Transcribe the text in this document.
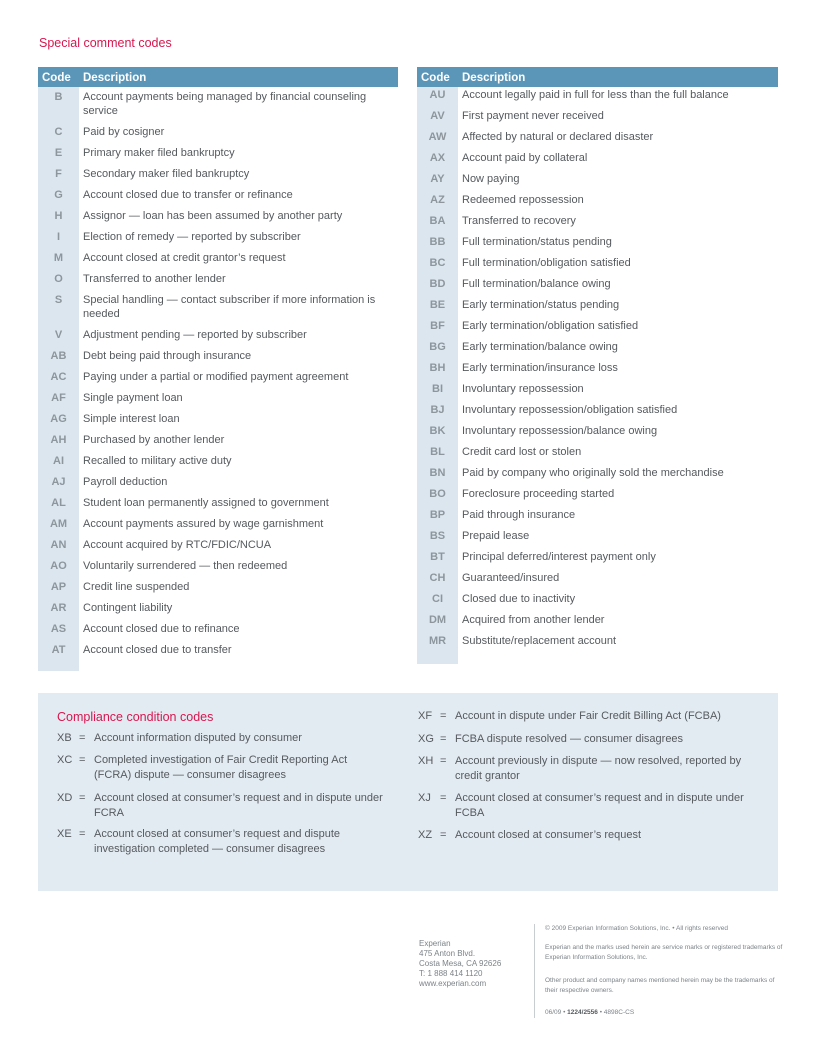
Special comment codes
Code	Description
B	Account payments being managed by financial counseling service
C	Paid by cosigner
E	Primary maker filed bankruptcy
F	Secondary maker filed bankruptcy
G	Account closed due to transfer or refinance
H	Assignor — loan has been assumed by another party
I	Election of remedy — reported by subscriber
M	Account closed at credit grantor’s request
O	Transferred to another lender
S	Special handling — contact subscriber if more information is needed
V	Adjustment pending — reported by subscriber
AB	Debt being paid through insurance
AC	Paying under a partial or modified payment agreement
AF	Single payment loan
AG	Simple interest loan
AH	Purchased by another lender
AI	Recalled to military active duty
AJ	Payroll deduction
AL	Student loan permanently assigned to government
AM	Account payments assured by wage garnishment
AN	Account acquired by RTC/FDIC/NCUA
AO	Voluntarily surrendered — then redeemed
AP	Credit line suspended
AR	Contingent liability
AS	Account closed due to refinance
AT	Account closed due to transfer

Code	Description
AU	Account legally paid in full for less than the full balance
AV	First payment never received
AW	Affected by natural or declared disaster
AX	Account paid by collateral
AY	Now paying
AZ	Redeemed repossession
BA	Transferred to recovery
BB	Full termination/status pending
BC	Full termination/obligation satisfied
BD	Full termination/balance owing
BE	Early termination/status pending
BF	Early termination/obligation satisfied
BG	Early termination/balance owing
BH	Early termination/insurance loss
BI	Involuntary repossession
BJ	Involuntary repossession/obligation satisfied
BK	Involuntary repossession/balance owing
BL	Credit card lost or stolen
BN	Paid by company who originally sold the merchandise
BO	Foreclosure proceeding started
BP	Paid through insurance
BS	Prepaid lease
BT	Principal deferred/interest payment only
CH	Guaranteed/insured
CI	Closed due to inactivity
DM	Acquired from another lender
MR	Substitute/replacement account

Compliance condition codes
XB = Account information disputed by consumer
XC = Completed investigation of Fair Credit Reporting Act (FCRA) dispute — consumer disagrees
XD = Account closed at consumer’s request and in dispute under FCRA
XE = Account closed at consumer’s request and dispute investigation completed — consumer disagrees
XF = Account in dispute under Fair Credit Billing Act (FCBA)
XG = FCBA dispute resolved — consumer disagrees
XH = Account previously in dispute — now resolved, reported by credit grantor
XJ = Account closed at consumer’s request and in dispute under FCBA
XZ = Account closed at consumer’s request
Experian
475 Anton Blvd.
Costa Mesa, CA 92626
T: 1 888 414 1120
www.experian.com
© 2009 Experian Information Solutions, Inc. • All rights reserved
Experian and the marks used herein are service marks or registered trademarks of Experian Information Solutions, Inc.
Other product and company names mentioned herein may be the trademarks of their respective owners.
06/09 • 1224/2556 • 4898C-CS
